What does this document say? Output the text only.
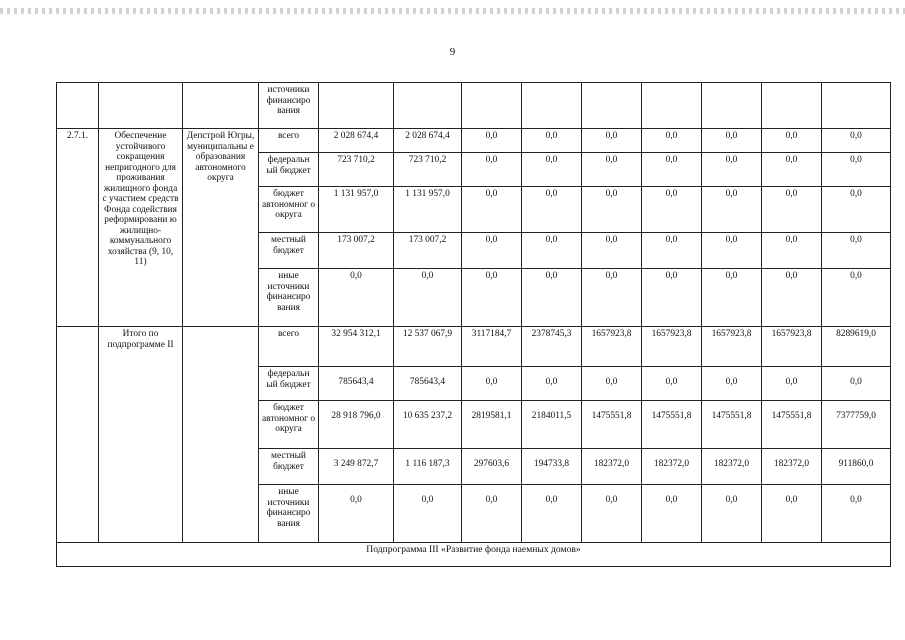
9
			источники финансиро вания									
2.7.1.	Обеспечение устойчивого сокращения непригодного для проживания жилищного фонда с участием средств Фонда содействия реформировани ю жилищно-коммунального хозяйства (9, 10, 11)	Депстрой Югры, муниципальны е образования автономного округа	всего	2 028 674,4	2 028 674,4	0,0	0,0	0,0	0,0	0,0	0,0	0,0
			федеральн ый бюджет	723 710,2	723 710,2	0,0	0,0	0,0	0,0	0,0	0,0	0,0
			бюджет автономног о округа	1 131 957,0	1 131 957,0	0,0	0,0	0,0	0,0	0,0	0,0	0,0
			местный бюджет	173 007,2	173 007,2	0,0	0,0	0,0	0,0	0,0	0,0	0,0
			иные источники финансиро вания	0,0	0,0	0,0	0,0	0,0	0,0	0,0	0,0	0,0
	Итого по подпрограмме II		всего	32 954 312,1	12 537 067,9	3117184,7	2378745,3	1657923,8	1657923,8	1657923,8	1657923,8	8289619,0
			федеральн ый бюджет	785643,4	785643,4	0,0	0,0	0,0	0,0	0,0	0,0	0,0
			бюджет автономног о округа	28 918 796,0	10 635 237,2	2819581,1	2184011,5	1475551,8	1475551,8	1475551,8	1475551,8	7377759,0
			местный бюджет	3 249 872,7	1 116 187,3	297603,6	194733,8	182372,0	182372,0	182372,0	182372,0	911860,0
			иные источники финансиро вания	0,0	0,0	0,0	0,0	0,0	0,0	0,0	0,0	0,0
Подпрограмма III «Развитие фонда наемных домов»												
